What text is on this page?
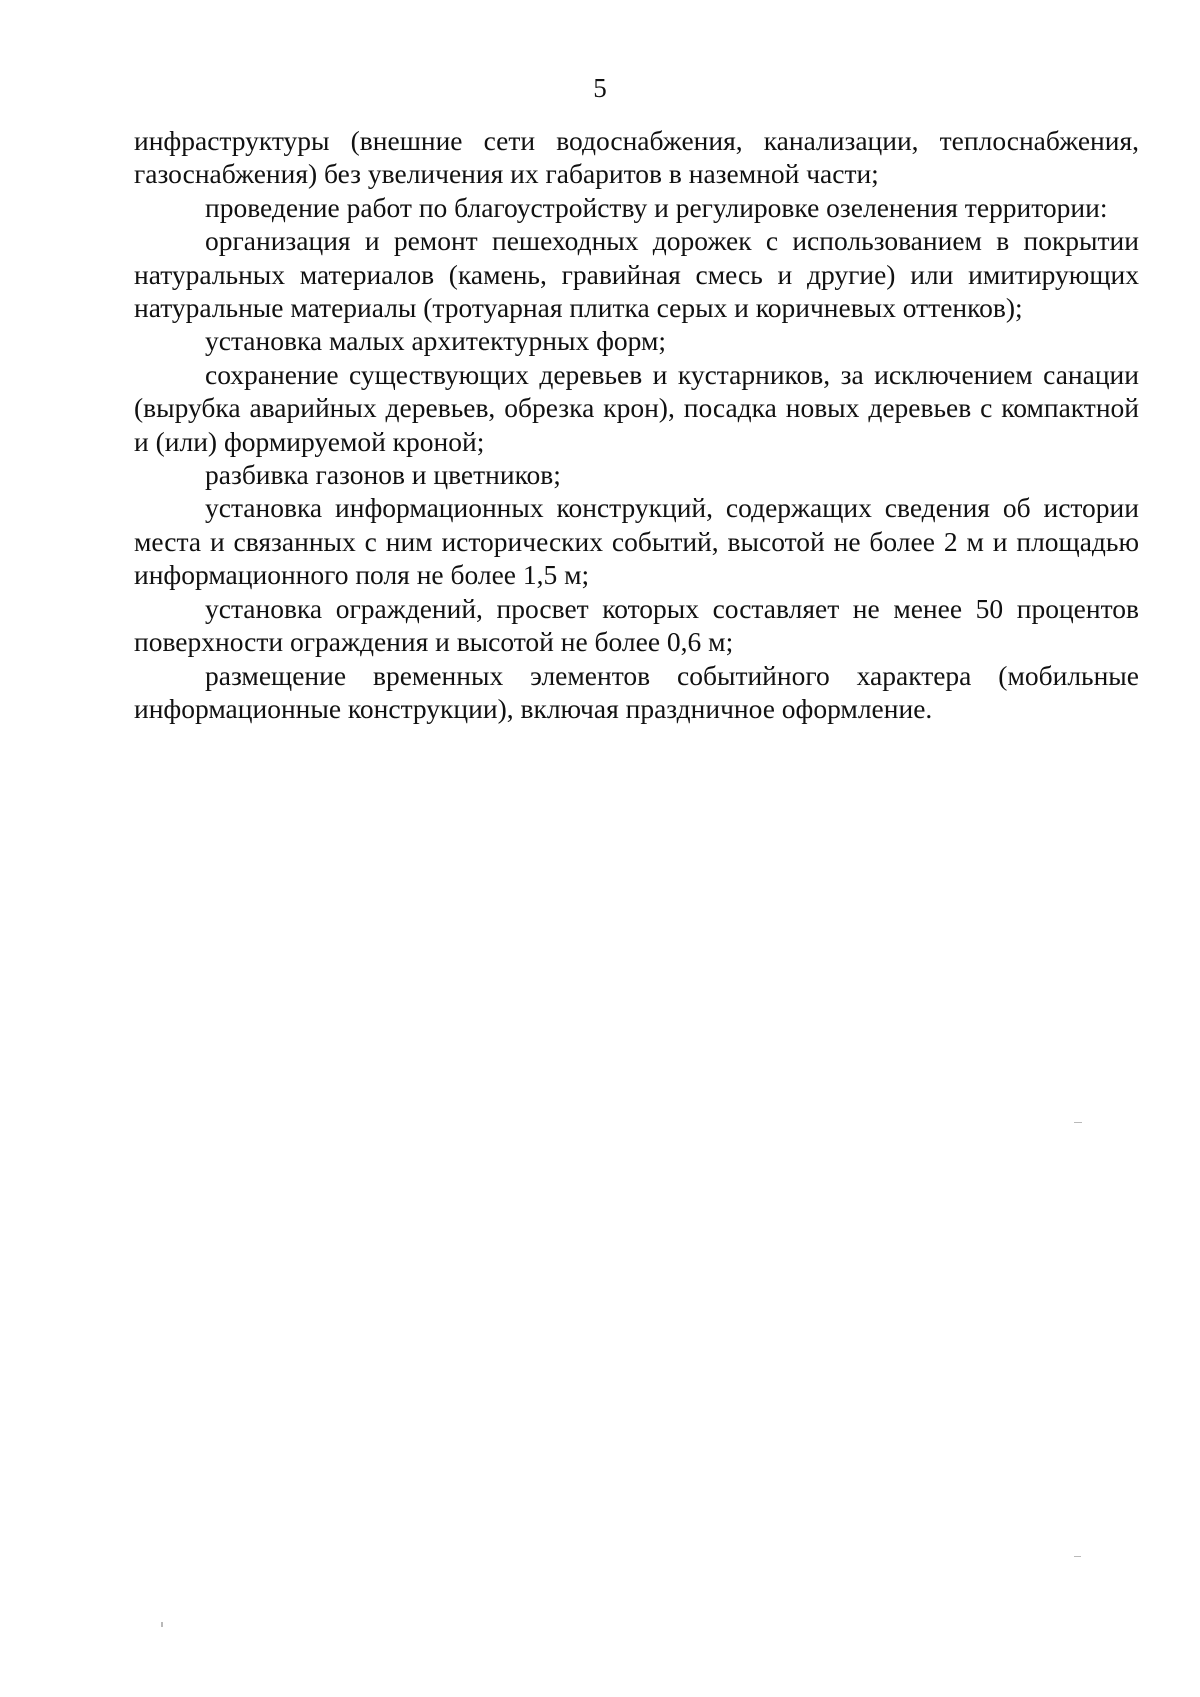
5

инфраструктуры (внешние сети водоснабжения, канализации, теплоснабжения, газоснабжения) без увеличения их габаритов в наземной части;

проведение работ по благоустройству и регулировке озеленения территории:

организация и ремонт пешеходных дорожек с использованием в покрытии натуральных материалов (камень, гравийная смесь и другие) или имитирующих натуральные материалы (тротуарная плитка серых и коричневых оттенков);

установка малых архитектурных форм;

сохранение существующих деревьев и кустарников, за исключением санации (вырубка аварийных деревьев, обрезка крон), посадка новых деревьев с компактной и (или) формируемой кроной;

разбивка газонов и цветников;

установка информационных конструкций, содержащих сведения об истории места и связанных с ним исторических событий, высотой не более 2 м и площадью информационного поля не более 1,5 м;

установка ограждений, просвет которых составляет не менее 50 процентов поверхности ограждения и высотой не более 0,6 м;

размещение временных элементов событийного характера (мобильные информационные конструкции), включая праздничное оформление.
